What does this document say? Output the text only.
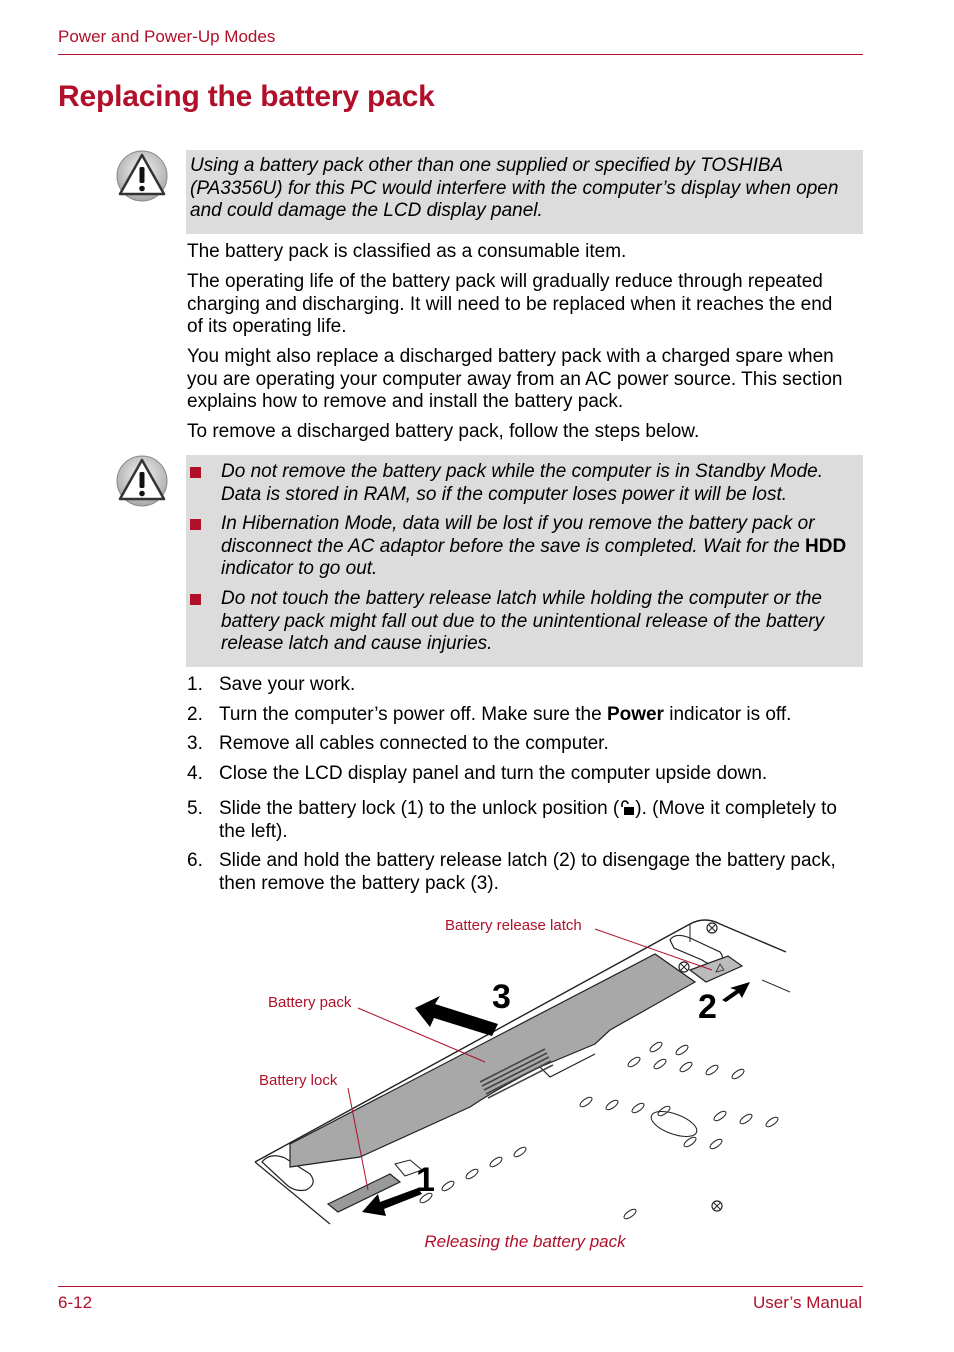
Power and Power-Up Modes
Replacing the battery pack
Using a battery pack other than one supplied or specified by TOSHIBA (PA3356U) for this PC would interfere with the computer’s display when open and could damage the LCD display panel.
The battery pack is classified as a consumable item.
The operating life of the battery pack will gradually reduce through repeated charging and discharging. It will need to be replaced when it reaches the end of its operating life.
You might also replace a discharged battery pack with a charged spare when you are operating your computer away from an AC power source. This section explains how to remove and install the battery pack.
To remove a discharged battery pack, follow the steps below.
Do not remove the battery pack while the computer is in Standby Mode. Data is stored in RAM, so if the computer loses power it will be lost.
In Hibernation Mode, data will be lost if you remove the battery pack or disconnect the AC adaptor before the save is completed. Wait for the HDD indicator to go out.
Do not touch the battery release latch while holding the computer or the battery pack might fall out due to the unintentional release of the battery release latch and cause injuries.
1. Save your work.
2. Turn the computer’s power off. Make sure the Power indicator is off.
3. Remove all cables connected to the computer.
4. Close the LCD display panel and turn the computer upside down.
5. Slide the battery lock (1) to the unlock position ( ). (Move it completely to the left).
6. Slide and hold the battery release latch (2) to disengage the battery pack, then remove the battery pack (3).
Battery release latch
Battery pack
Battery lock
3	2
1
Releasing the battery pack
6-12	User’s Manual
